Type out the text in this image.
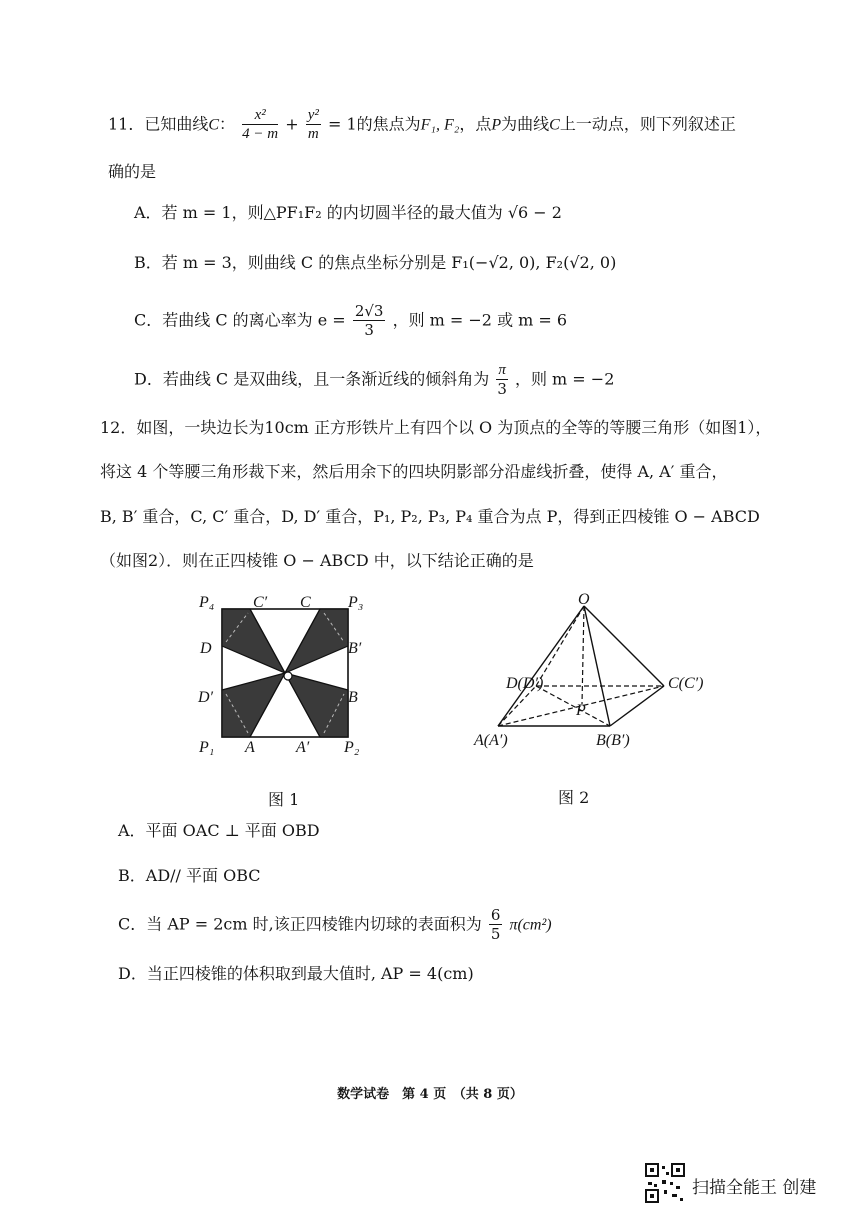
11．已知曲线C： $\frac{\text{x²}}{4 - m} + \frac{\text{y²}}{m} = 1$的焦点为F₁, F₂，点P为曲线C上一动点，则下列叙述正
确的是
A．若 m = 1，则△PF₁F₂ 的内切圆半径的最大值为 √6 − 2
B．若 m = 3，则曲线 C 的焦点坐标分别是 F₁(−√2, 0), F₂(√2, 0)
C．若曲线 C 的离心率为 $e = \frac{2√3}{3}$ ，则 m = −2 或 m = 6
D．若曲线 C 是双曲线，且一条渐近线的倾斜角为 $\frac{\pi}{3}$ ，则 m = −2
12．如图，一块边长为10cm 正方形铁片上有四个以 O 为顶点的全等的等腰三角形（如图1），
将这 4 个等腰三角形裁下来，然后用余下的四块阴影部分沿虚线折叠，使得 A, A′ 重合，
B, B′ 重合，C, C′ 重合，D, D′ 重合，P₁, P₂, P₃, P₄ 重合为点 P，得到正四棱锥 O − ABCD
（如图2）．则在正四棱锥 O − ABCD 中，以下结论正确的是
P₄ C′ C P₃
D	B′
D′	B
P₁ A	A′ P₂
图 1
O
D(D′)	C(C′)
P
A(A′)	B(B′)
图 2
A．平面 OAC ⊥ 平面 OBD
B．AD// 平面 OBC
C．当 AP = 2cm 时,该正四棱锥内切球的表面积为 $\frac{6}{5} \pi(cm^2)$
D．当正四棱锥的体积取到最大值时, AP = 4(cm)
数学试卷　第 4 页　（共 8 页）
扫描全能王 创建
